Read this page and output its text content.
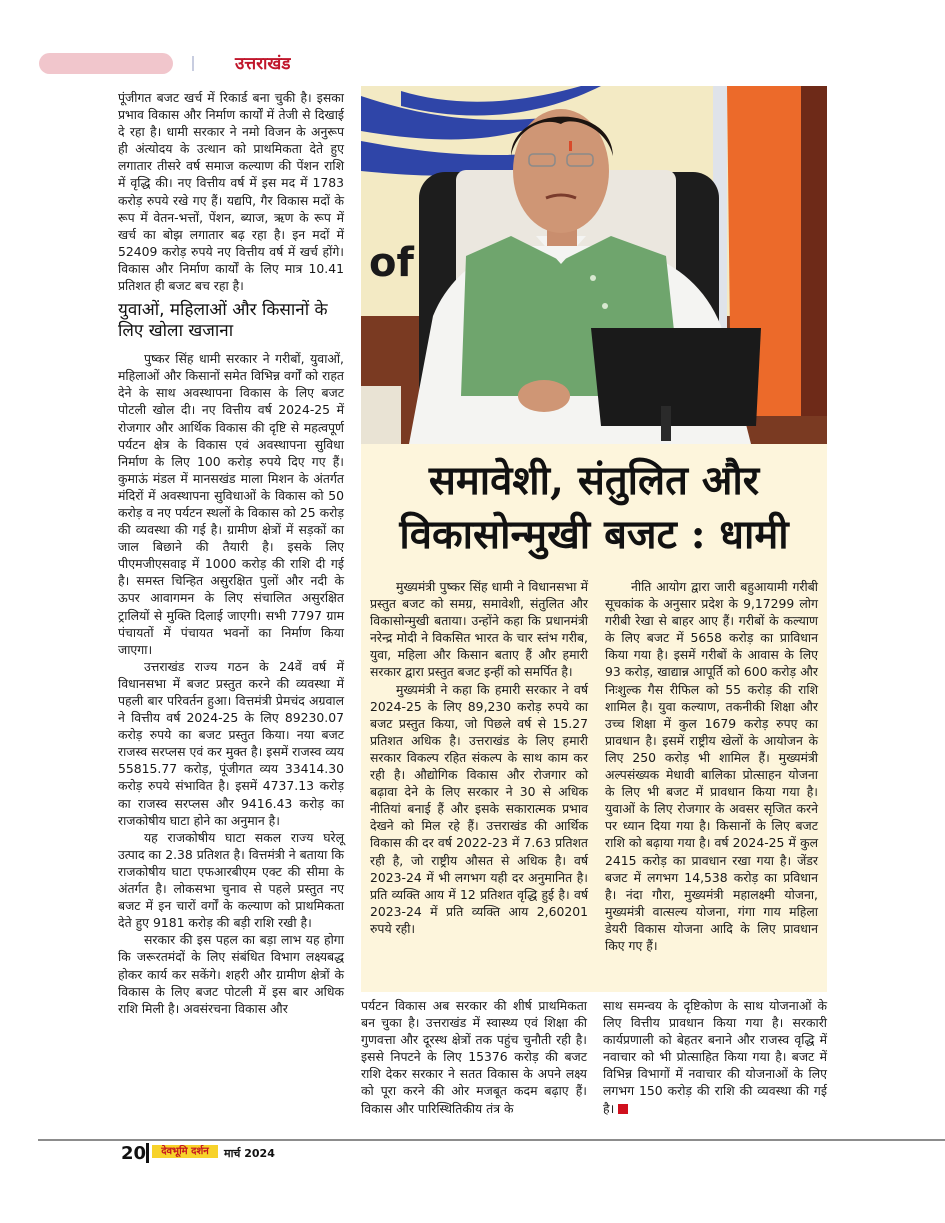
उत्तराखंड

पूंजीगत बजट खर्च में रिकार्ड बना चुकी है। इसका प्रभाव विकास और निर्माण कार्यों में तेजी से दिखाई दे रहा है। धामी सरकार ने नमो विजन के अनुरूप ही अंत्योदय के उत्थान को प्राथमिकता देते हुए लगातार तीसरे वर्ष समाज कल्याण की पेंशन राशि में वृद्धि की। नए वित्तीय वर्ष में इस मद में 1783 करोड़ रुपये रखे गए हैं। यद्यपि, गैर विकास मदों के रूप में वेतन-भत्तों, पेंशन, ब्याज, ऋण के रूप में खर्च का बोझ लगातार बढ़ रहा है। इन मदों में 52409 करोड़ रुपये नए वित्तीय वर्ष में खर्च होंगे। विकास और निर्माण कार्यों के लिए मात्र 10.41 प्रतिशत ही बजट बच रहा है।

युवाओं, महिलाओं और किसानों के लिए खोला खजाना

पुष्कर सिंह धामी सरकार ने गरीबों, युवाओं, महिलाओं और किसानों समेत विभिन्न वर्गों को राहत देने के साथ अवस्थापना विकास के लिए बजट पोटली खोल दी। नए वित्तीय वर्ष 2024-25 में रोजगार और आर्थिक विकास की दृष्टि से महत्वपूर्ण पर्यटन क्षेत्र के विकास एवं अवस्थापना सुविधा निर्माण के लिए 100 करोड़ रुपये दिए गए हैं। कुमाऊं मंडल में मानसखंड माला मिशन के अंतर्गत मंदिरों में अवस्थापना सुविधाओं के विकास को 50 करोड़ व नए पर्यटन स्थलों के विकास को 25 करोड़ की व्यवस्था की गई है। ग्रामीण क्षेत्रों में सड़कों का जाल बिछाने की तैयारी है। इसके लिए पीएमजीएसवाइ में 1000 करोड़ की राशि दी गई है। समस्त चिन्हित असुरक्षित पुलों और नदी के ऊपर आवागमन के लिए संचालित असुरक्षित ट्रालियों से मुक्ति दिलाई जाएगी। सभी 7797 ग्राम पंचायतों में पंचायत भवनों का निर्माण किया जाएगा।

उत्तराखंड राज्य गठन के 24वें वर्ष में विधानसभा में बजट प्रस्तुत करने की व्यवस्था में पहली बार परिवर्तन हुआ। वित्तमंत्री प्रेमचंद अग्रवाल ने वित्तीय वर्ष 2024-25 के लिए 89230.07 करोड़ रुपये का बजट प्रस्तुत किया। नया बजट राजस्व सरप्लस एवं कर मुक्त है। इसमें राजस्व व्यय 55815.77 करोड़, पूंजीगत व्यय 33414.30 करोड़ रुपये संभावित है। इसमें 4737.13 करोड़ का राजस्व सरप्लस और 9416.43 करोड़ का राजकोषीय घाटा होने का अनुमान है।

यह राजकोषीय घाटा सकल राज्य घरेलू उत्पाद का 2.38 प्रतिशत है। वित्तमंत्री ने बताया कि राजकोषीय घाटा एफआरबीएम एक्ट की सीमा के अंतर्गत है। लोकसभा चुनाव से पहले प्रस्तुत नए बजट में इन चारों वर्गों के कल्याण को प्राथमिकता देते हुए 9181 करोड़ की बड़ी राशि रखी है।

सरकार की इस पहल का बड़ा लाभ यह होगा कि जरूरतमंदों के लिए संबंधित विभाग लक्ष्यबद्ध होकर कार्य कर सकेंगे। शहरी और ग्रामीण क्षेत्रों के विकास के लिए बजट पोटली में इस बार अधिक राशि मिली है। अवसंरचना विकास और

of
समावेशी, संतुलित और
विकासोन्मुखी बजट : धामी

मुख्यमंत्री पुष्कर सिंह धामी ने विधानसभा में प्रस्तुत बजट को समग्र, समावेशी, संतुलित और विकासोन्मुखी बताया। उन्होंने कहा कि प्रधानमंत्री नरेन्द्र मोदी ने विकसित भारत के चार स्तंभ गरीब, युवा, महिला और किसान बताए हैं और हमारी सरकार द्वारा प्रस्तुत बजट इन्हीं को समर्पित है।

मुख्यमंत्री ने कहा कि हमारी सरकार ने वर्ष 2024-25 के लिए 89,230 करोड़ रुपये का बजट प्रस्तुत किया, जो पिछले वर्ष से 15.27 प्रतिशत अधिक है। उत्तराखंड के लिए हमारी सरकार विकल्प रहित संकल्प के साथ काम कर रही है। औद्योगिक विकास और रोजगार को बढ़ावा देने के लिए सरकार ने 30 से अधिक नीतियां बनाई हैं और इसके सकारात्मक प्रभाव देखने को मिल रहे हैं। उत्तराखंड की आर्थिक विकास की दर वर्ष 2022-23 में 7.63 प्रतिशत रही है, जो राष्ट्रीय औसत से अधिक है। वर्ष 2023-24 में भी लगभग यही दर अनुमानित है। प्रति व्यक्ति आय में 12 प्रतिशत वृद्धि हुई है। वर्ष 2023-24 में प्रति व्यक्ति आय 2,60201 रुपये रही।

नीति आयोग द्वारा जारी बहुआयामी गरीबी सूचकांक के अनुसार प्रदेश के 9,17299 लोग गरीबी रेखा से बाहर आए हैं। गरीबों के कल्याण के लिए बजट में 5658 करोड़ का प्राविधान किया गया है। इसमें गरीबों के आवास के लिए 93 करोड़, खाद्यान्न आपूर्ति को 600 करोड़ और निःशुल्क गैस रीफिल को 55 करोड़ की राशि शामिल है। युवा कल्याण, तकनीकी शिक्षा और उच्च शिक्षा में कुल 1679 करोड़ रुपए का प्रावधान है। इसमें राष्ट्रीय खेलों के आयोजन के लिए 250 करोड़ भी शामिल हैं। मुख्यमंत्री अल्पसंख्यक मेधावी बालिका प्रोत्साहन योजना के लिए भी बजट में प्रावधान किया गया है। युवाओं के लिए रोजगार के अवसर सृजित करने पर ध्यान दिया गया है। किसानों के लिए बजट राशि को बढ़ाया गया है। वर्ष 2024-25 में कुल 2415 करोड़ का प्रावधान रखा गया है। जेंडर बजट में लगभग 14,538 करोड़ का प्रविधान है। नंदा गौरा, मुख्यमंत्री महालक्ष्मी योजना, मुख्यमंत्री वात्सल्य योजना, गंगा गाय महिला डेयरी विकास योजना आदि के लिए प्रावधान किए गए हैं।

पर्यटन विकास अब सरकार की शीर्ष प्राथमिकता बन चुका है। उत्तराखंड में स्वास्थ्य एवं शिक्षा की गुणवत्ता और दूरस्थ क्षेत्रों तक पहुंच चुनौती रही है। इससे निपटने के लिए 15376 करोड़ की बजट राशि देकर सरकार ने सतत विकास के अपने लक्ष्य को पूरा करने की ओर मजबूत कदम बढ़ाए हैं। विकास और पारिस्थितिकीय तंत्र के

साथ समन्वय के दृष्टिकोण के साथ योजनाओं के लिए वित्तीय प्रावधान किया गया है। सरकारी कार्यप्रणाली को बेहतर बनाने और राजस्व वृद्धि में नवाचार को भी प्रोत्साहित किया गया है। बजट में विभिन्न विभागों में नवाचार की योजनाओं के लिए लगभग 150 करोड़ की राशि की व्यवस्था की गई है।

20	देवभूमि दर्शन	मार्च 2024
